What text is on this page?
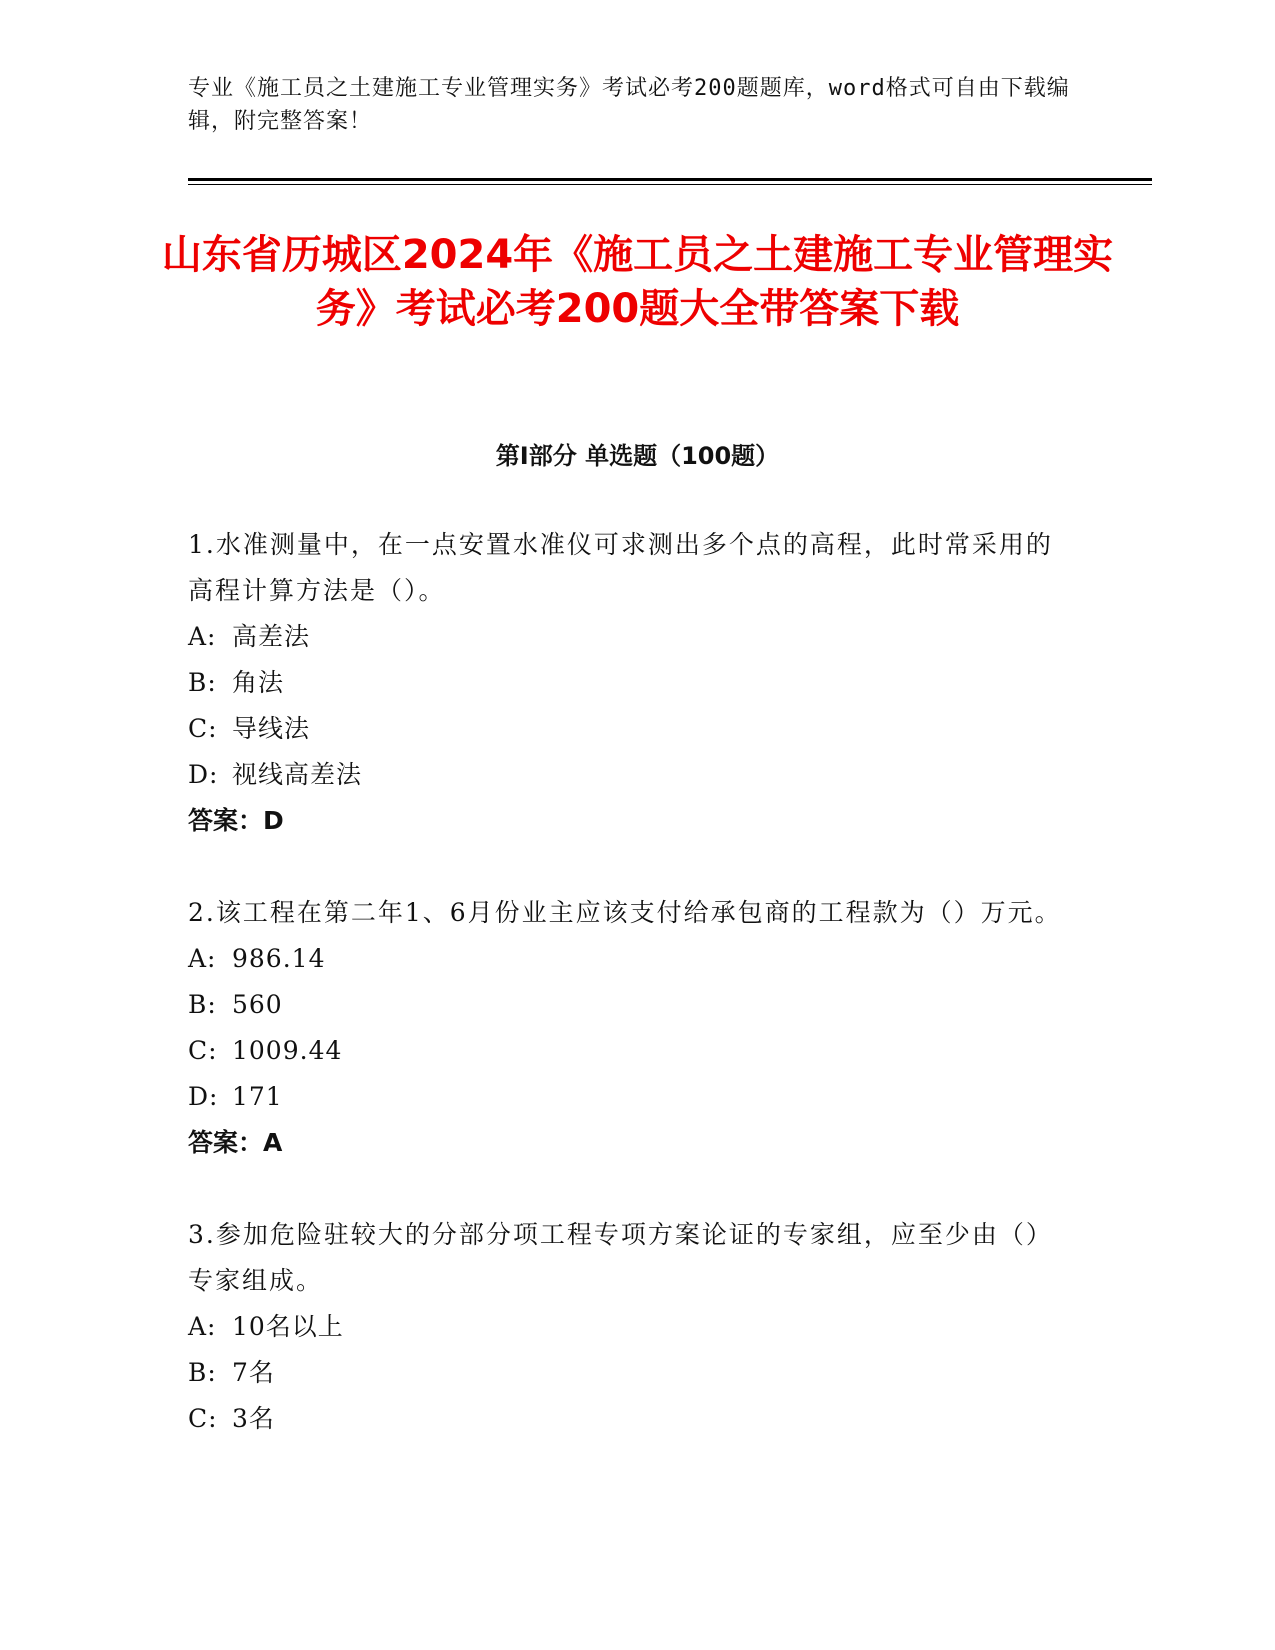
专业《施工员之土建施工专业管理实务》考试必考200题题库，word格式可自由下载编辑，附完整答案！
山东省历城区2024年《施工员之土建施工专业管理实务》考试必考200题大全带答案下载
第I部分 单选题（100题）
1.水准测量中，在一点安置水准仪可求测出多个点的高程，此时常采用的高程计算方法是（）。
A: 高差法
B: 角法
C: 导线法
D: 视线高差法
答案：D
2.该工程在第二年1、6月份业主应该支付给承包商的工程款为（）万元。
A: 986.14
B: 560
C: 1009.44
D: 171
答案：A
3.参加危险驻较大的分部分项工程专项方案论证的专家组，应至少由（）专家组成。
A: 10名以上
B: 7名
C: 3名
